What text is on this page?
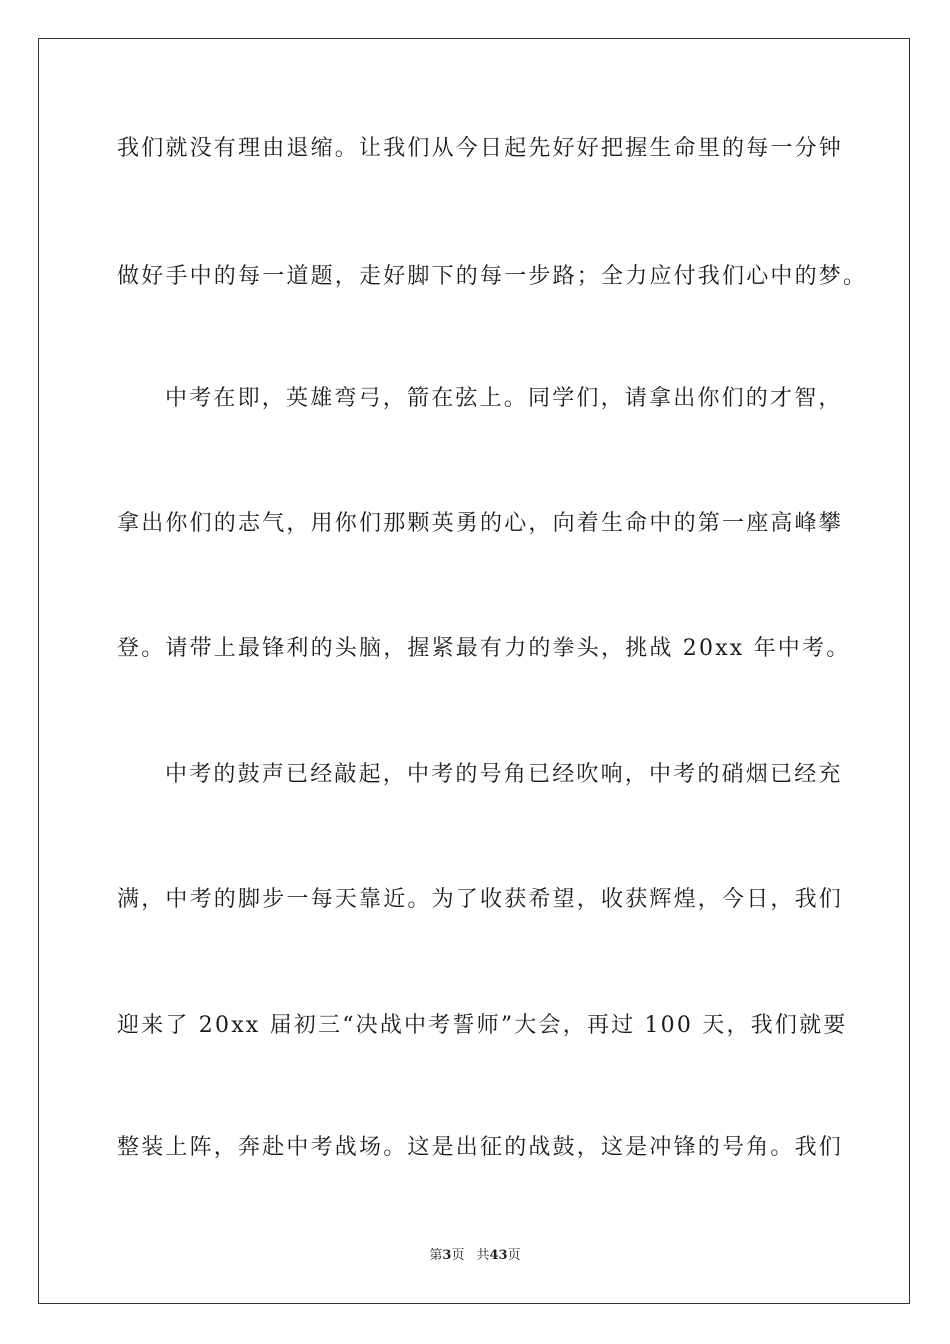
我们就没有理由退缩。让我们从今日起先好好把握生命里的每一分钟
做好手中的每一道题，走好脚下的每一步路；全力应付我们心中的梦。
中考在即，英雄弯弓，箭在弦上。同学们，请拿出你们的才智，
拿出你们的志气，用你们那颗英勇的心，向着生命中的第一座高峰攀
登。请带上最锋利的头脑，握紧最有力的拳头，挑战 20xx 年中考。
中考的鼓声已经敲起，中考的号角已经吹响，中考的硝烟已经充
满，中考的脚步一每天靠近。为了收获希望，收获辉煌，今日，我们
迎来了 20xx 届初三“决战中考誓师”大会，再过 100 天，我们就要
整装上阵，奔赴中考战场。这是出征的战鼓，这是冲锋的号角。我们
第3页 共43页
